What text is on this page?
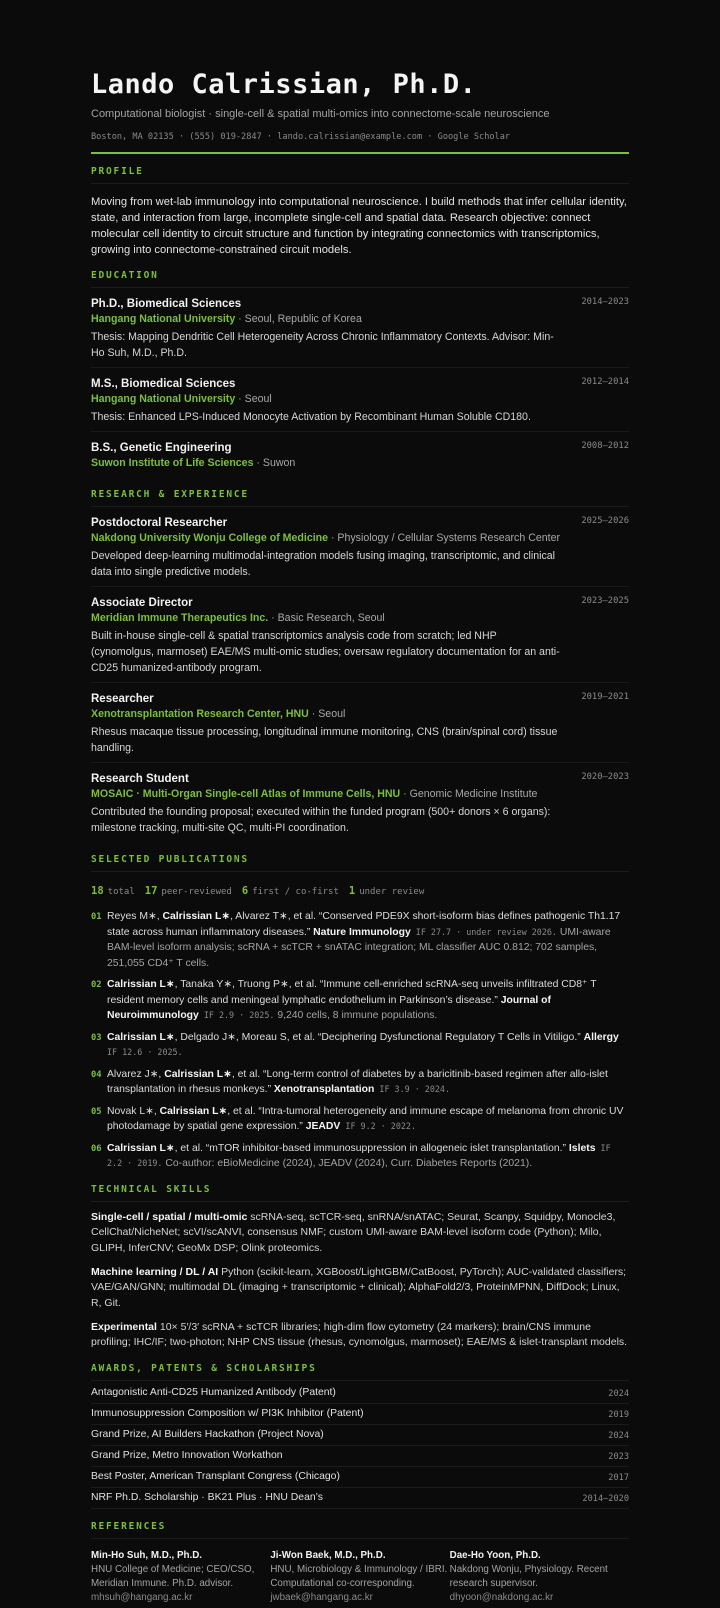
Lando Calrissian, Ph.D.
Computational biologist · single-cell & spatial multi-omics into connectome-scale neuroscience
Boston, MA 02135 · (555) 019-2847 · lando.calrissian@example.com · Google Scholar
PROFILE
Moving from wet-lab immunology into computational neuroscience. I build methods that infer cellular identity, state, and interaction from large, incomplete single-cell and spatial data. Research objective: connect molecular cell identity to circuit structure and function by integrating connectomics with transcriptomics, growing into connectome-constrained circuit models.
EDUCATION
Ph.D., Biomedical Sciences	2014–2023
Hangang National University · Seoul, Republic of Korea
Thesis: Mapping Dendritic Cell Heterogeneity Across Chronic Inflammatory Contexts. Advisor: Min-Ho Suh, M.D., Ph.D.
M.S., Biomedical Sciences	2012–2014
Hangang National University · Seoul
Thesis: Enhanced LPS-Induced Monocyte Activation by Recombinant Human Soluble CD180.
B.S., Genetic Engineering	2008–2012
Suwon Institute of Life Sciences · Suwon
RESEARCH & EXPERIENCE
Postdoctoral Researcher	2025–2026
Nakdong University Wonju College of Medicine · Physiology / Cellular Systems Research Center
Developed deep-learning multimodal-integration models fusing imaging, transcriptomic, and clinical data into single predictive models.
Associate Director	2023–2025
Meridian Immune Therapeutics Inc. · Basic Research, Seoul
Built in-house single-cell & spatial transcriptomics analysis code from scratch; led NHP (cynomolgus, marmoset) EAE/MS multi-omic studies; oversaw regulatory documentation for an anti-CD25 humanized-antibody program.
Researcher	2019–2021
Xenotransplantation Research Center, HNU · Seoul
Rhesus macaque tissue processing, longitudinal immune monitoring, CNS (brain/spinal cord) tissue handling.
Research Student	2020–2023
MOSAIC · Multi-Organ Single-cell Atlas of Immune Cells, HNU · Genomic Medicine Institute
Contributed the founding proposal; executed within the funded program (500+ donors × 6 organs): milestone tracking, multi-site QC, multi-PI coordination.
SELECTED PUBLICATIONS
18 total 17 peer-reviewed 6 first / co-first 1 under review
01 Reyes M∗, Calrissian L∗, Alvarez T∗, et al. “Conserved PDE9X short-isoform bias defines pathogenic Th1.17 state across human inflammatory diseases.” Nature Immunology IF 27.7 · under review 2026. UMI-aware BAM-level isoform analysis; scRNA + scTCR + snATAC integration; ML classifier AUC 0.812; 702 samples, 251,055 CD4⁺ T cells.
02 Calrissian L∗, Tanaka Y∗, Truong P∗, et al. “Immune cell-enriched scRNA-seq unveils infiltrated CD8⁺ T resident memory cells and meningeal lymphatic endothelium in Parkinson’s disease.” Journal of Neuroimmunology IF 2.9 · 2025. 9,240 cells, 8 immune populations.
03 Calrissian L∗, Delgado J∗, Moreau S, et al. “Deciphering Dysfunctional Regulatory T Cells in Vitiligo.” Allergy IF 12.6 · 2025.
04 Alvarez J∗, Calrissian L∗, et al. “Long-term control of diabetes by a baricitinib-based regimen after allo-islet transplantation in rhesus monkeys.” Xenotransplantation IF 3.9 · 2024.
05 Novak L∗, Calrissian L∗, et al. “Intra-tumoral heterogeneity and immune escape of melanoma from chronic UV photodamage by spatial gene expression.” JEADV IF 9.2 · 2022.
06 Calrissian L∗, et al. “mTOR inhibitor-based immunosuppression in allogeneic islet transplantation.” Islets IF 2.2 · 2019. Co-author: eBioMedicine (2024), JEADV (2024), Curr. Diabetes Reports (2021).
TECHNICAL SKILLS
Single-cell / spatial / multi-omic scRNA-seq, scTCR-seq, snRNA/snATAC; Seurat, Scanpy, Squidpy, Monocle3, CellChat/NicheNet; scVI/scANVI, consensus NMF; custom UMI-aware BAM-level isoform code (Python); Milo, GLIPH, InferCNV; GeoMx DSP; Olink proteomics.
Machine learning / DL / AI Python (scikit-learn, XGBoost/LightGBM/CatBoost, PyTorch); AUC-validated classifiers; VAE/GAN/GNN; multimodal DL (imaging + transcriptomic + clinical); AlphaFold2/3, ProteinMPNN, DiffDock; Linux, R, Git.
Experimental 10× 5′/3′ scRNA + scTCR libraries; high-dim flow cytometry (24 markers); brain/CNS immune profiling; IHC/IF; two-photon; NHP CNS tissue (rhesus, cynomolgus, marmoset); EAE/MS & islet-transplant models.
AWARDS, PATENTS & SCHOLARSHIPS
Antagonistic Anti-CD25 Humanized Antibody (Patent)	2024
Immunosuppression Composition w/ PI3K Inhibitor (Patent)	2019
Grand Prize, AI Builders Hackathon (Project Nova)	2024
Grand Prize, Metro Innovation Workathon	2023
Best Poster, American Transplant Congress (Chicago)	2017
NRF Ph.D. Scholarship · BK21 Plus · HNU Dean’s	2014–2020
REFERENCES
Min-Ho Suh, M.D., Ph.D.
HNU College of Medicine; CEO/CSO, Meridian Immune. Ph.D. advisor.
mhsuh@hangang.ac.kr
Ji-Won Baek, M.D., Ph.D.
HNU, Microbiology & Immunology / IBRI. Computational co-corresponding.
jwbaek@hangang.ac.kr
Dae-Ho Yoon, Ph.D.
Nakdong Wonju, Physiology. Recent research supervisor.
dhyoon@nakdong.ac.kr
